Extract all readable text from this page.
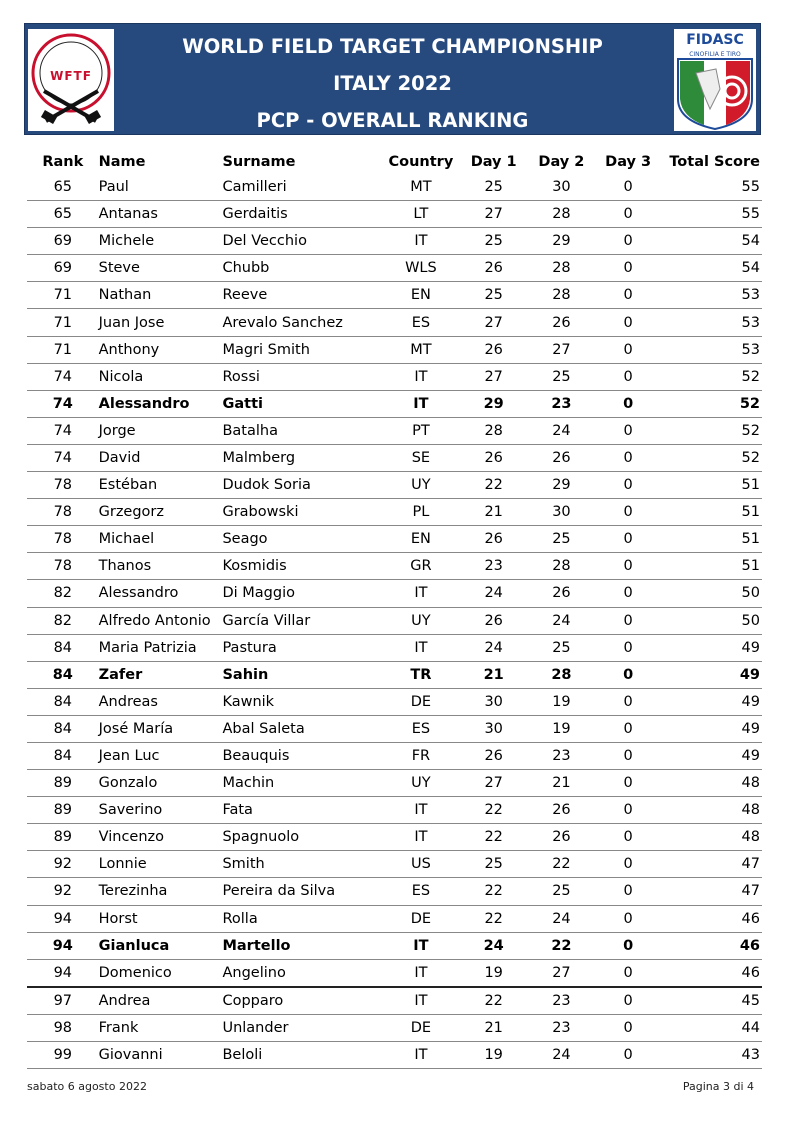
WFTF
WORLD FIELD TARGET CHAMPIONSHIP
ITALY 2022
PCP - OVERALL RANKING
FIDASC
CINOFILIA E TIRO
Rank	Name	Surname	Country	Day 1	Day 2	Day 3	Total Score
65	Paul	Camilleri	MT	25	30	0	55
65	Antanas	Gerdaitis	LT	27	28	0	55
69	Michele	Del Vecchio	IT	25	29	0	54
69	Steve	Chubb	WLS	26	28	0	54
71	Nathan	Reeve	EN	25	28	0	53
71	Juan Jose	Arevalo Sanchez	ES	27	26	0	53
71	Anthony	Magri Smith	MT	26	27	0	53
74	Nicola	Rossi	IT	27	25	0	52
74	Alessandro	Gatti	IT	29	23	0	52
74	Jorge	Batalha	PT	28	24	0	52
74	David	Malmberg	SE	26	26	0	52
78	Estéban	Dudok Soria	UY	22	29	0	51
78	Grzegorz	Grabowski	PL	21	30	0	51
78	Michael	Seago	EN	26	25	0	51
78	Thanos	Kosmidis	GR	23	28	0	51
82	Alessandro	Di Maggio	IT	24	26	0	50
82	Alfredo Antonio	García Villar	UY	26	24	0	50
84	Maria Patrizia	Pastura	IT	24	25	0	49
84	Zafer	Sahin	TR	21	28	0	49
84	Andreas	Kawnik	DE	30	19	0	49
84	José María	Abal Saleta	ES	30	19	0	49
84	Jean Luc	Beauquis	FR	26	23	0	49
89	Gonzalo	Machin	UY	27	21	0	48
89	Saverino	Fata	IT	22	26	0	48
89	Vincenzo	Spagnuolo	IT	22	26	0	48
92	Lonnie	Smith	US	25	22	0	47
92	Terezinha	Pereira da Silva	ES	22	25	0	47
94	Horst	Rolla	DE	22	24	0	46
94	Gianluca	Martello	IT	24	22	0	46
94	Domenico	Angelino	IT	19	27	0	46
97	Andrea	Copparo	IT	22	23	0	45
98	Frank	Unlander	DE	21	23	0	44
99	Giovanni	Beloli	IT	19	24	0	43
sabato 6 agosto 2022	Pagina 3 di 4
